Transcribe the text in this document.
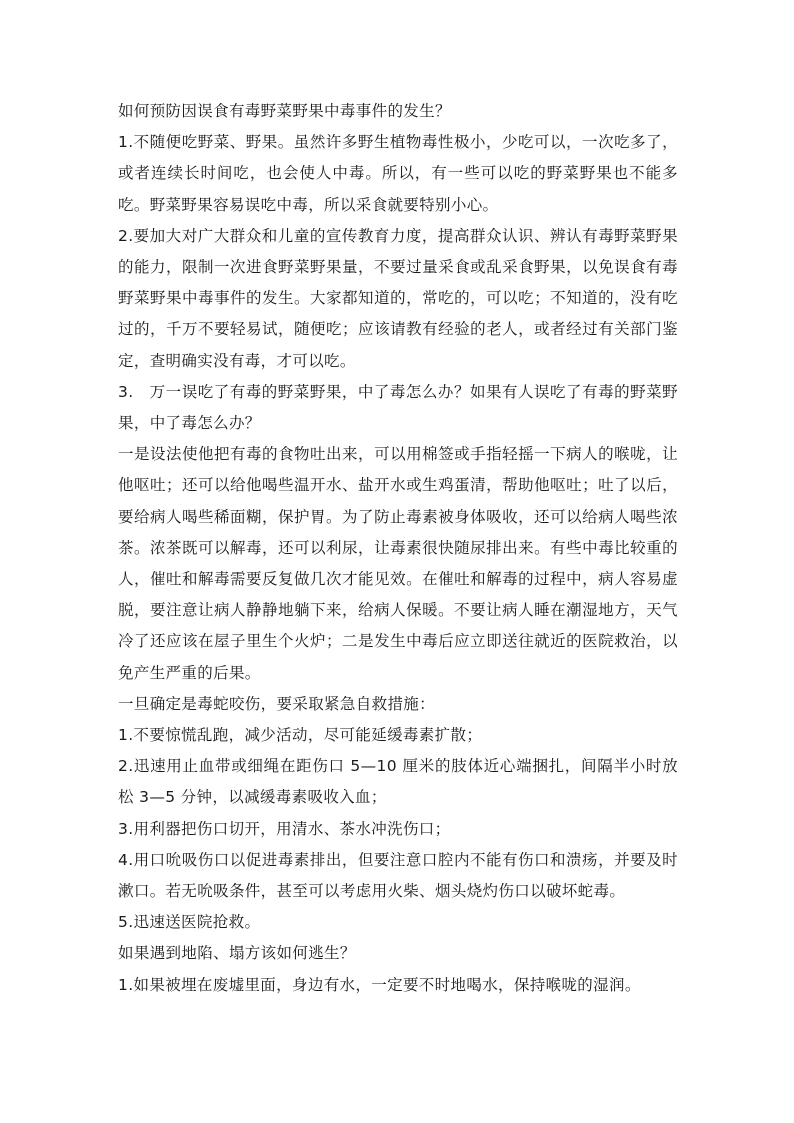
如何预防因误食有毒野菜野果中毒事件的发生？

1.不随便吃野菜、野果。虽然许多野生植物毒性极小，少吃可以，一次吃多了，或者连续长时间吃，也会使人中毒。所以，有一些可以吃的野菜野果也不能多吃。野菜野果容易误吃中毒，所以采食就要特别小心。

2.要加大对广大群众和儿童的宣传教育力度，提高群众认识、辨认有毒野菜野果的能力，限制一次进食野菜野果量，不要过量采食或乱采食野果，以免误食有毒野菜野果中毒事件的发生。大家都知道的，常吃的，可以吃；不知道的，没有吃过的，千万不要轻易试，随便吃；应该请教有经验的老人，或者经过有关部门鉴定，查明确实没有毒，才可以吃。

3.　万一误吃了有毒的野菜野果，中了毒怎么办？如果有人误吃了有毒的野菜野果，中了毒怎么办？

一是设法使他把有毒的食物吐出来，可以用棉签或手指轻摇一下病人的喉咙，让他呕吐；还可以给他喝些温开水、盐开水或生鸡蛋清，帮助他呕吐；吐了以后，要给病人喝些稀面糊，保护胃。为了防止毒素被身体吸收，还可以给病人喝些浓茶。浓茶既可以解毒，还可以利尿，让毒素很快随尿排出来。有些中毒比较重的人，催吐和解毒需要反复做几次才能见效。在催吐和解毒的过程中，病人容易虚脱，要注意让病人静静地躺下来，给病人保暖。不要让病人睡在潮湿地方，天气冷了还应该在屋子里生个火炉；二是发生中毒后应立即送往就近的医院救治，以免产生严重的后果。

一旦确定是毒蛇咬伤，要采取紧急自救措施：

1.不要惊慌乱跑，减少活动，尽可能延缓毒素扩散；

2.迅速用止血带或细绳在距伤口 5—10 厘米的肢体近心端捆扎，间隔半小时放松 3—5 分钟，以减缓毒素吸收入血；

3.用利器把伤口切开，用清水、茶水冲洗伤口；

4.用口吮吸伤口以促进毒素排出，但要注意口腔内不能有伤口和溃疡，并要及时漱口。若无吮吸条件，甚至可以考虑用火柴、烟头烧灼伤口以破坏蛇毒。

5.迅速送医院抢救。

如果遇到地陷、塌方该如何逃生？

1.如果被埋在废墟里面，身边有水，一定要不时地喝水，保持喉咙的湿润。
